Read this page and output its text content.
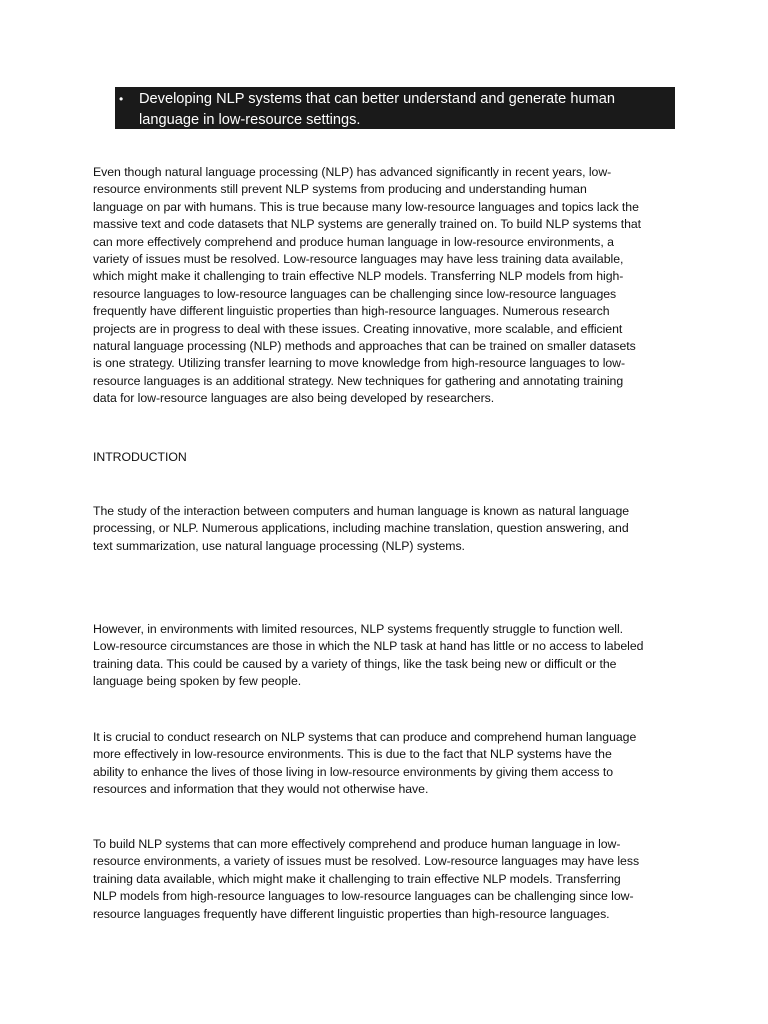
• Developing NLP systems that can better understand and generate human
language in low-resource settings.

Even though natural language processing (NLP) has advanced significantly in recent years, low-
resource environments still prevent NLP systems from producing and understanding human
language on par with humans. This is true because many low-resource languages and topics lack the
massive text and code datasets that NLP systems are generally trained on. To build NLP systems that
can more effectively comprehend and produce human language in low-resource environments, a
variety of issues must be resolved. Low-resource languages may have less training data available,
which might make it challenging to train effective NLP models. Transferring NLP models from high-
resource languages to low-resource languages can be challenging since low-resource languages
frequently have different linguistic properties than high-resource languages. Numerous research
projects are in progress to deal with these issues. Creating innovative, more scalable, and efficient
natural language processing (NLP) methods and approaches that can be trained on smaller datasets
is one strategy. Utilizing transfer learning to move knowledge from high-resource languages to low-
resource languages is an additional strategy. New techniques for gathering and annotating training
data for low-resource languages are also being developed by researchers.

INTRODUCTION

The study of the interaction between computers and human language is known as natural language
processing, or NLP. Numerous applications, including machine translation, question answering, and
text summarization, use natural language processing (NLP) systems.

However, in environments with limited resources, NLP systems frequently struggle to function well.
Low-resource circumstances are those in which the NLP task at hand has little or no access to labeled
training data. This could be caused by a variety of things, like the task being new or difficult or the
language being spoken by few people.

It is crucial to conduct research on NLP systems that can produce and comprehend human language
more effectively in low-resource environments. This is due to the fact that NLP systems have the
ability to enhance the lives of those living in low-resource environments by giving them access to
resources and information that they would not otherwise have.

To build NLP systems that can more effectively comprehend and produce human language in low-
resource environments, a variety of issues must be resolved. Low-resource languages may have less
training data available, which might make it challenging to train effective NLP models. Transferring
NLP models from high-resource languages to low-resource languages can be challenging since low-
resource languages frequently have different linguistic properties than high-resource languages.
